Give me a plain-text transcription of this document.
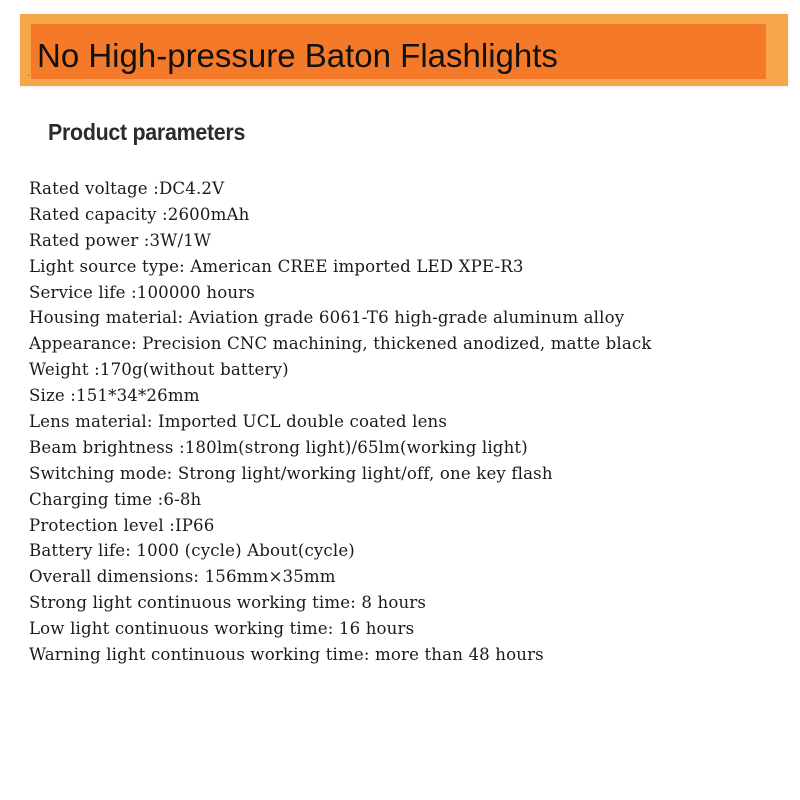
. No High-pressure Baton Flashlights
Product parameters
Rated voltage :DC4.2V
Rated capacity :2600mAh
Rated power :3W/1W
Light source type: American CREE imported LED XPE-R3
Service life :100000 hours
Housing material: Aviation grade 6061-T6 high-grade aluminum alloy
Appearance: Precision CNC machining, thickened anodized, matte black
Weight :170g(without battery)
Size :151*34*26mm
Lens material: Imported UCL double coated lens
Beam brightness :180lm(strong light)/65lm(working light)
Switching mode: Strong light/working light/off, one key flash
Charging time :6-8h
Protection level :IP66
Battery life: 1000 (cycle) About(cycle)
Overall dimensions: 156mm×35mm
Strong light continuous working time: 8 hours
Low light continuous working time: 16 hours
Warning light continuous working time: more than 48 hours
